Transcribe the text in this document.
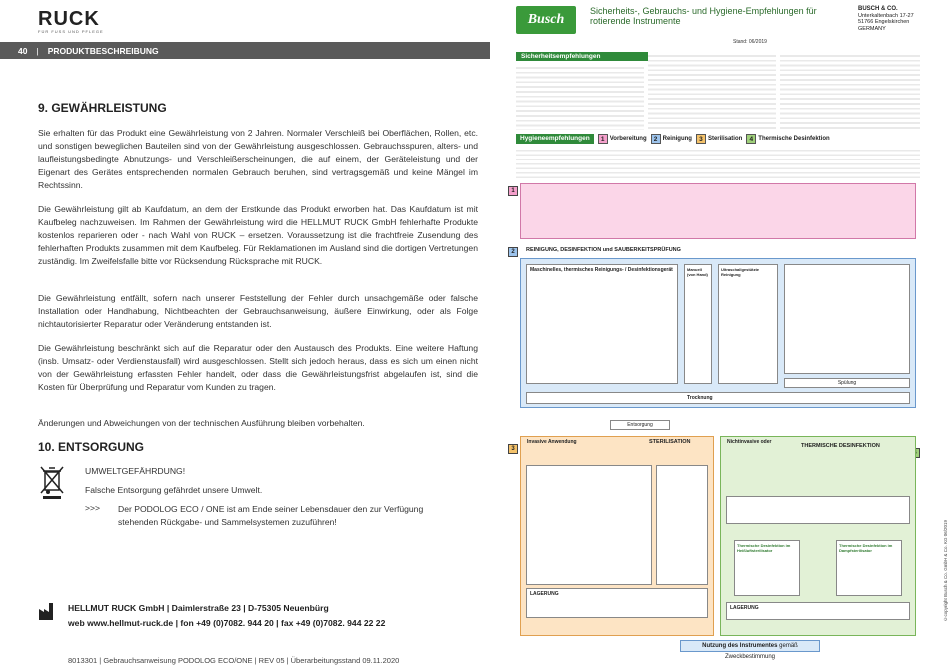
RUCK
FÜR FUSS UND PFLEGE
40 | PRODUKTBESCHREIBUNG
9. GEWÄHRLEISTUNG

Sie erhalten für das Produkt eine Gewährleistung von 2 Jahren. Normaler Verschleiß bei Oberflächen, Rollen, etc. und sonstigen beweglichen Bauteilen sind von der Gewährleistung ausgeschlossen. Gebrauchsspuren, alters- und laufleistungsbedingte Abnutzungs- und Verschleißerscheinungen, die auf einem, der Geräteleistung und der Eigenart des Gerätes entsprechenden normalen Gebrauch beruhen, sind vertragsgemäß und keine Mängel im Rechtssinn.

Die Gewährleistung gilt ab Kaufdatum, an dem der Erstkunde das Produkt erworben hat. Das Kaufdatum ist mit Kaufbeleg nachzuweisen. Im Rahmen der Gewährleistung wird die HELLMUT RUCK GmbH fehlerhafte Produkte kostenlos reparieren oder - nach Wahl von RUCK – ersetzen. Voraussetzung ist die frachtfreie Zusendung des fehlerhaften Produkts zusammen mit dem Kaufbeleg. Für Reklamationen im Ausland sind die dortigen Vertretungen zuständig. Im Zweifelsfalle bitte vor Rücksendung Rücksprache mit RUCK.

Die Gewährleistung entfällt, sofern nach unserer Feststellung der Fehler durch unsachgemäße oder falsche Installation oder Handhabung, Nichtbeachten der Gebrauchsanweisung, äußere Einwirkung, oder als Folge nichtautorisierter Reparatur oder Veränderung entstanden ist.

Die Gewährleistung beschränkt sich auf die Reparatur oder den Austausch des Produkts. Eine weitere Haftung (insb. Umsatz- oder Verdienstausfall) wird ausgeschlossen. Stellt sich jedoch heraus, dass es sich um einen nicht von der Gewährleistung erfassten Fehler handelt, oder dass die Gewährleistungsfrist abgelaufen ist, sind die Kosten für Überprüfung und Reparatur vom Kunden zu tragen.

Änderungen und Abweichungen von der technischen Ausführung bleiben vorbehalten.

10. ENTSORGUNG
UMWELTGEFÄHRDUNG!
Falsche Entsorgung gefährdet unsere Umwelt.
>>> Der PODOLOG ECO / ONE ist am Ende seiner Lebensdauer den zur Verfügung stehenden Rückgabe- und Sammelsystemen zuzuführen!
HELLMUT RUCK GmbH | Daimlerstraße 23 | D-75305 Neuenbürg
web www.hellmut-ruck.de | fon +49 (0)7082. 944 20 | fax +49 (0)7082. 944 22 22
8013301 | Gebrauchsanweisung PODOLOG ECO/ONE | REV 05 | Überarbeitungsstand 09.11.2020
Busch
Sicherheits-, Gebrauchs- und Hygiene-Empfehlungen für rotierende Instrumente
Stand: 06/2019
BUSCH & CO.
Unterkaltenbach 17-27
51766 Engelskirchen
GERMANY
Sicherheitsempfehlungen
Hygieneempfehlungen	1 Vorbereitung	2 Reinigung	3 Sterilisation	4 Thermische Desinfektion
1
2	REINIGUNG, DESINFEKTION und SAUBERKEITSPRÜFUNG
Maschinelles, thermisches Reinigungs- / Desinfektionsgerät	Manuell (von Hand)
Ultraschallgestützte Reinigung
Spülung
Trocknung
Entsorgung
3
Invasive Anwendung	STERILISATION
LAGERUNG
Nichtinvasive oder
THERMISCHE DESINFEKTION
Thermische Desinfektion im Heißluftsterilisator
Thermische Desinfektion im Dampfsterilisator
LAGERUNG
Nutzung des Instrumentes gemäß Zweckbestimmung
©copyright Busch & Co. GmbH & Co. KG 06/2019
